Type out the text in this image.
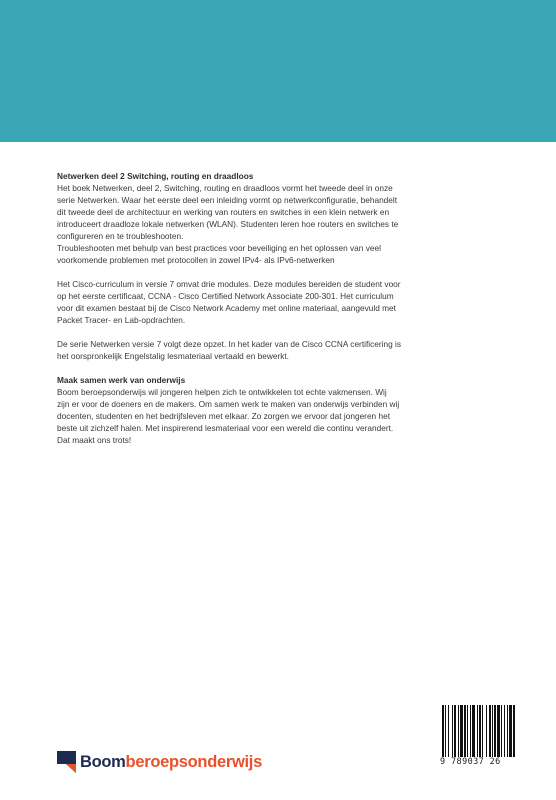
Netwerken deel 2 Switching, routing en draadloos

Het boek Netwerken, deel 2, Switching, routing en draadloos vormt het tweede deel in onze
serie Netwerken. Waar het eerste deel een inleiding vormt op netwerkconfiguratie, behandelt
dit tweede deel de architectuur en werking van routers en switches in een klein netwerk en
introduceert draadloze lokale netwerken (WLAN). Studenten leren hoe routers en switches te
configureren en te troubleshooten.
Troubleshooten met behulp van best practices voor beveiliging en het oplossen van veel
voorkomende problemen met protocollen in zowel IPv4- als IPv6-netwerken

Het Cisco-curriculum in versie 7 omvat drie modules. Deze modules bereiden de student voor
op het eerste certificaat, CCNA - Cisco Certified Network Associate 200-301. Het curriculum
voor dit examen bestaat bij de Cisco Network Academy met online materiaal, aangevuld met
Packet Tracer- en Lab-opdrachten.

De serie Netwerken versie 7 volgt deze opzet. In het kader van de Cisco CCNA certificering is
het oorspronkelijk Engelstalig lesmateriaal vertaald en bewerkt.

Maak samen werk van onderwijs

Boom beroepsonderwijs wil jongeren helpen zich te ontwikkelen tot echte vakmensen. Wij
zijn er voor de doeners en de makers. Om samen werk te maken van onderwijs verbinden wij
docenten, studenten en het bedrijfsleven met elkaar. Zo zorgen we ervoor dat jongeren het
beste uit zichzelf halen. Met inspirerend lesmateriaal voor een wereld die continu verandert.
Dat maakt ons trots!

Boomberoepsonderwijs	9 789037 26
